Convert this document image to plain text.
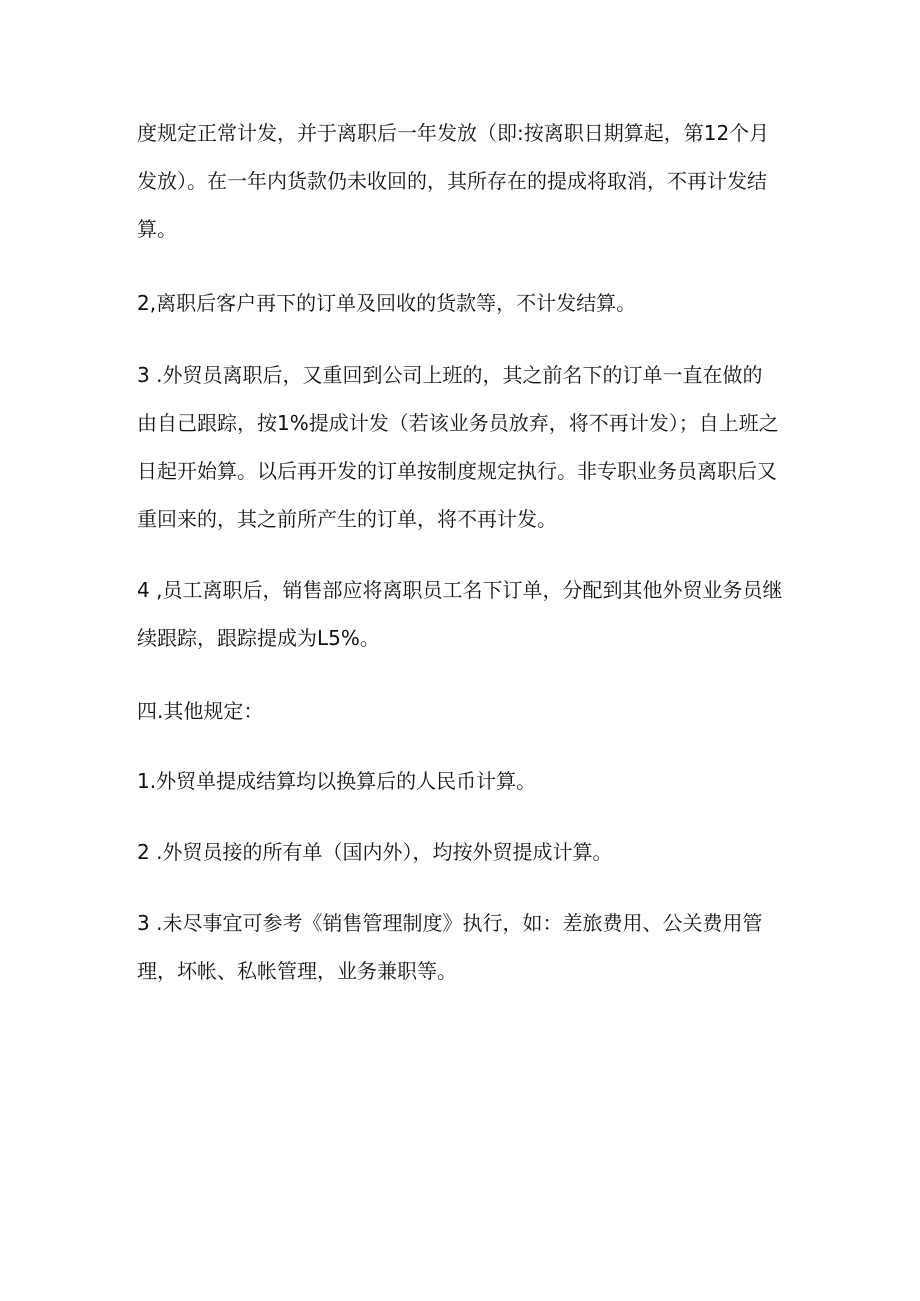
度规定正常计发，并于离职后一年发放（即:按离职日期算起，第12个月
发放）。在一年内货款仍未收回的，其所存在的提成将取消，不再计发结
算。

2,离职后客户再下的订单及回收的货款等，不计发结算。

3 .外贸员离职后，又重回到公司上班的，其之前名下的订单一直在做的
由自己跟踪，按1%提成计发（若该业务员放弃，将不再计发）；自上班之
日起开始算。以后再开发的订单按制度规定执行。非专职业务员离职后又
重回来的，其之前所产生的订单，将不再计发。

4 ,员工离职后，销售部应将离职员工名下订单，分配到其他外贸业务员继
续跟踪，跟踪提成为L5%。

四.其他规定：

1.外贸单提成结算均以换算后的人民币计算。

2 .外贸员接的所有单（国内外），均按外贸提成计算。

3 .未尽事宜可参考《销售管理制度》执行，如：差旅费用、公关费用管
理，坏帐、私帐管理，业务兼职等。
